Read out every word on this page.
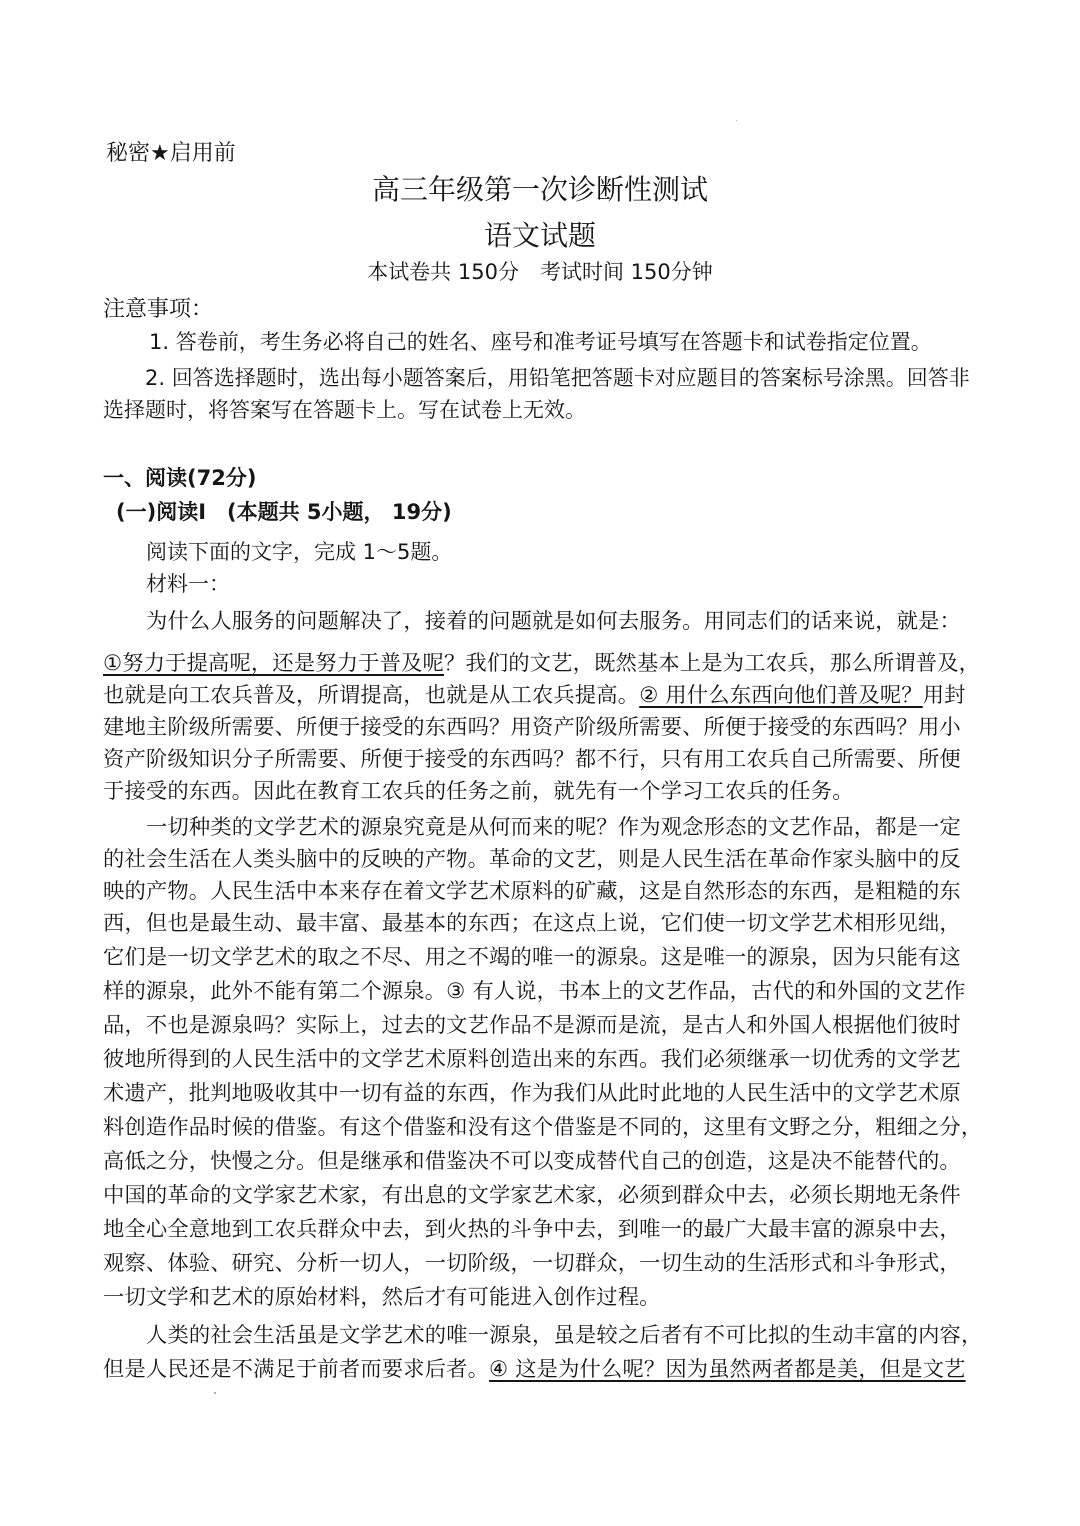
秘密★启用前
高三年级第一次诊断性测试
语文试题
本试卷共 150分　考试时间 150分钟
注意事项：
1. 答卷前，考生务必将自己的姓名、座号和准考证号填写在答题卡和试卷指定位置。
2. 回答选择题时，选出每小题答案后，用铅笔把答题卡对应题目的答案标号涂黑。回答非选择题时，将答案写在答题卡上。写在试卷上无效。
一、阅读(72分)
(一)阅读Ⅰ　(本题共 5小题， 19分)
阅读下面的文字，完成 1～5题。
材料一：
为什么人服务的问题解决了，接着的问题就是如何去服务。用同志们的话来说，就是：
①努力于提高呢，还是努力于普及呢？我们的文艺，既然基本上是为工农兵，那么所谓普及，
也就是向工农兵普及，所谓提高，也就是从工农兵提高。② 用什么东西向他们普及呢？用封
建地主阶级所需要、所便于接受的东西吗？用资产阶级所需要、所便于接受的东西吗？用小
资产阶级知识分子所需要、所便于接受的东西吗？都不行，只有用工农兵自己所需要、所便
于接受的东西。因此在教育工农兵的任务之前，就先有一个学习工农兵的任务。
一切种类的文学艺术的源泉究竟是从何而来的呢？作为观念形态的文艺作品，都是一定
的社会生活在人类头脑中的反映的产物。革命的文艺，则是人民生活在革命作家头脑中的反
映的产物。人民生活中本来存在着文学艺术原料的矿藏，这是自然形态的东西，是粗糙的东
西，但也是最生动、最丰富、最基本的东西；在这点上说，它们使一切文学艺术相形见绌，
它们是一切文学艺术的取之不尽、用之不竭的唯一的源泉。这是唯一的源泉，因为只能有这
样的源泉，此外不能有第二个源泉。③ 有人说，书本上的文艺作品，古代的和外国的文艺作
品，不也是源泉吗？实际上，过去的文艺作品不是源而是流，是古人和外国人根据他们彼时
彼地所得到的人民生活中的文学艺术原料创造出来的东西。我们必须继承一切优秀的文学艺
术遗产，批判地吸收其中一切有益的东西，作为我们从此时此地的人民生活中的文学艺术原
料创造作品时候的借鉴。有这个借鉴和没有这个借鉴是不同的，这里有文野之分，粗细之分，
高低之分，快慢之分。但是继承和借鉴决不可以变成替代自己的创造，这是决不能替代的。
中国的革命的文学家艺术家，有出息的文学家艺术家，必须到群众中去，必须长期地无条件
地全心全意地到工农兵群众中去，到火热的斗争中去，到唯一的最广大最丰富的源泉中去，
观察、体验、研究、分析一切人，一切阶级，一切群众，一切生动的生活形式和斗争形式，
一切文学和艺术的原始材料，然后才有可能进入创作过程。
人类的社会生活虽是文学艺术的唯一源泉，虽是较之后者有不可比拟的生动丰富的内容，
但是人民还是不满足于前者而要求后者。④ 这是为什么呢？因为虽然两者都是美，但是文艺
